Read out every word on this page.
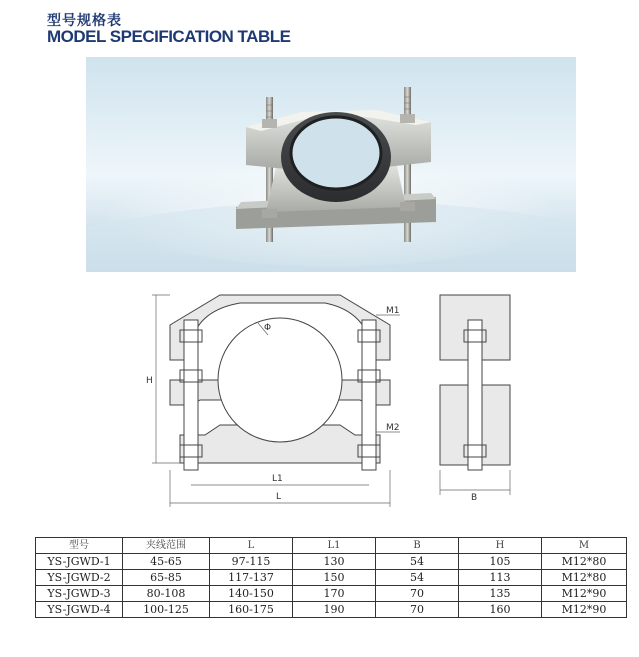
型号规格表
MODEL SPECIFICATION TABLE
M1
M2
Φ
H
L1
L	B
型号	夹线范围	L	L1	B	H	M
YS-JGWD-1	45-65	97-115	130	54	105	M12*80
YS-JGWD-2	65-85	117-137	150	54	113	M12*80
YS-JGWD-3	80-108	140-150	170	70	135	M12*90
YS-JGWD-4	100-125	160-175	190	70	160	M12*90
